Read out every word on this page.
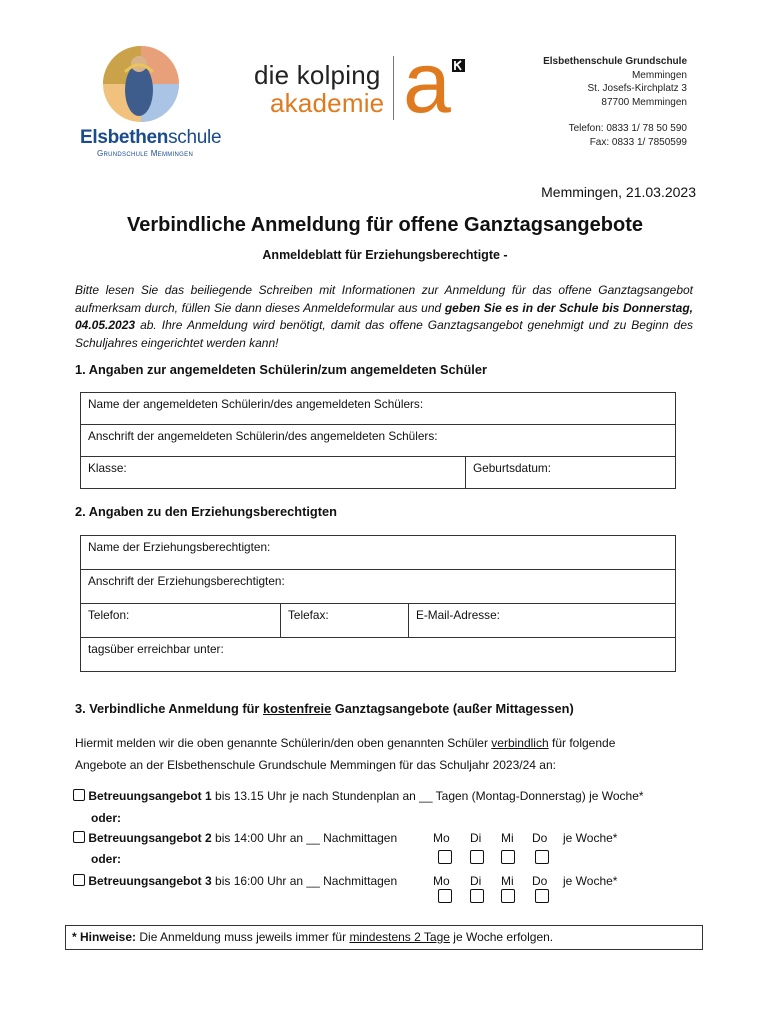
Elsbethenschule
Grundschule Memmingen
die kolping
akademie a	Elsbethenschule Grundschule
Memmingen
St. Josefs-Kirchplatz 3
87700 Memmingen
Telefon: 0833 1/ 78 50 590
Fax: 0833 1/ 7850599
Memmingen, 21.03.2023
Verbindliche Anmeldung für offene Ganztagsangebote
Anmeldeblatt für Erziehungsberechtigte -
Bitte lesen Sie das beiliegende Schreiben mit Informationen zur Anmeldung für das offene Ganztagsangebot aufmerksam durch, füllen Sie dann dieses Anmeldeformular aus und geben Sie es in der Schule bis Donnerstag, 04.05.2023 ab. Ihre Anmeldung wird benötigt, damit das offene Ganztagsangebot genehmigt und zu Beginn des Schuljahres eingerichtet werden kann!
1. Angaben zur angemeldeten Schülerin/zum angemeldeten Schüler
Name der angemeldeten Schülerin/des angemeldeten Schülers:
Anschrift der angemeldeten Schülerin/des angemeldeten Schülers:
Klasse:	Geburtsdatum:
2. Angaben zu den Erziehungsberechtigten
Name der Erziehungsberechtigten:
Anschrift der Erziehungsberechtigten:
Telefon:	Telefax:	E-Mail-Adresse:
tagsüber erreichbar unter:
3. Verbindliche Anmeldung für kostenfreie Ganztagsangebote (außer Mittagessen)
Hiermit melden wir die oben genannte Schülerin/den oben genannten Schüler verbindlich für folgende
Angebote an der Elsbethenschule Grundschule Memmingen für das Schuljahr 2023/24 an:
Betreuungsangebot 1 bis 13.15 Uhr je nach Stundenplan an __ Tagen (Montag-Donnerstag) je Woche*
oder:
Betreuungsangebot 2 bis 14:00 Uhr an __ Nachmittagen	Mo Di Mi Do je Woche*
oder:
Betreuungsangebot 3 bis 16:00 Uhr an __ Nachmittagen	Mo Di Mi Do je Woche*
* Hinweise: Die Anmeldung muss jeweils immer für mindestens 2 Tage je Woche erfolgen.
